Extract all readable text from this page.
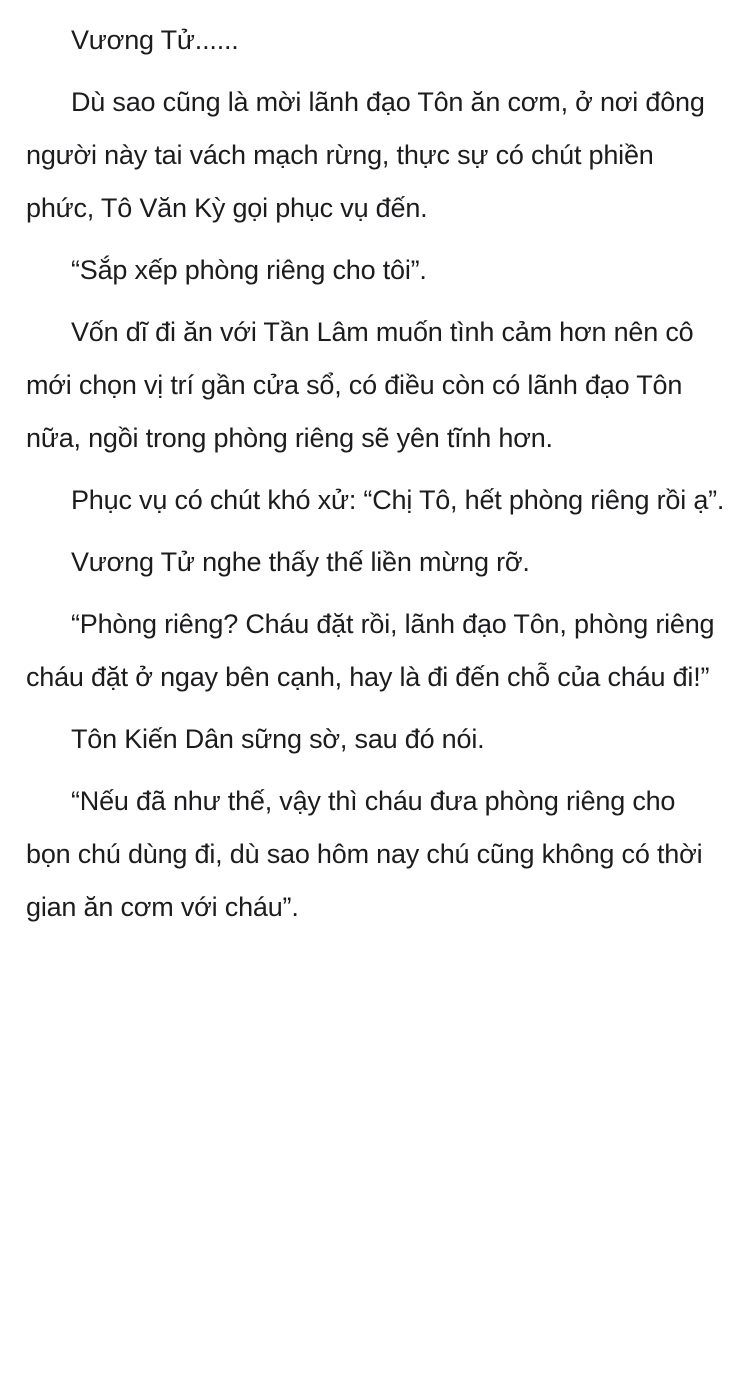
Vương Tử......

Dù sao cũng là mời lãnh đạo Tôn ăn cơm, ở nơi đông người này tai vách mạch rừng, thực sự có chút phiền phức, Tô Văn Kỳ gọi phục vụ đến.

“Sắp xếp phòng riêng cho tôi”.

Vốn dĩ đi ăn với Tần Lâm muốn tình cảm hơn nên cô mới chọn vị trí gần cửa sổ, có điều còn có lãnh đạo Tôn nữa, ngồi trong phòng riêng sẽ yên tĩnh hơn.

Phục vụ có chút khó xử: “Chị Tô, hết phòng riêng rồi ạ”.

Vương Tử nghe thấy thế liền mừng rỡ.

“Phòng riêng? Cháu đặt rồi, lãnh đạo Tôn, phòng riêng cháu đặt ở ngay bên cạnh, hay là đi đến chỗ của cháu đi!”

Tôn Kiến Dân sững sờ, sau đó nói.

“Nếu đã như thế, vậy thì cháu đưa phòng riêng cho bọn chú dùng đi, dù sao hôm nay chú cũng không có thời gian ăn cơm với cháu”.
